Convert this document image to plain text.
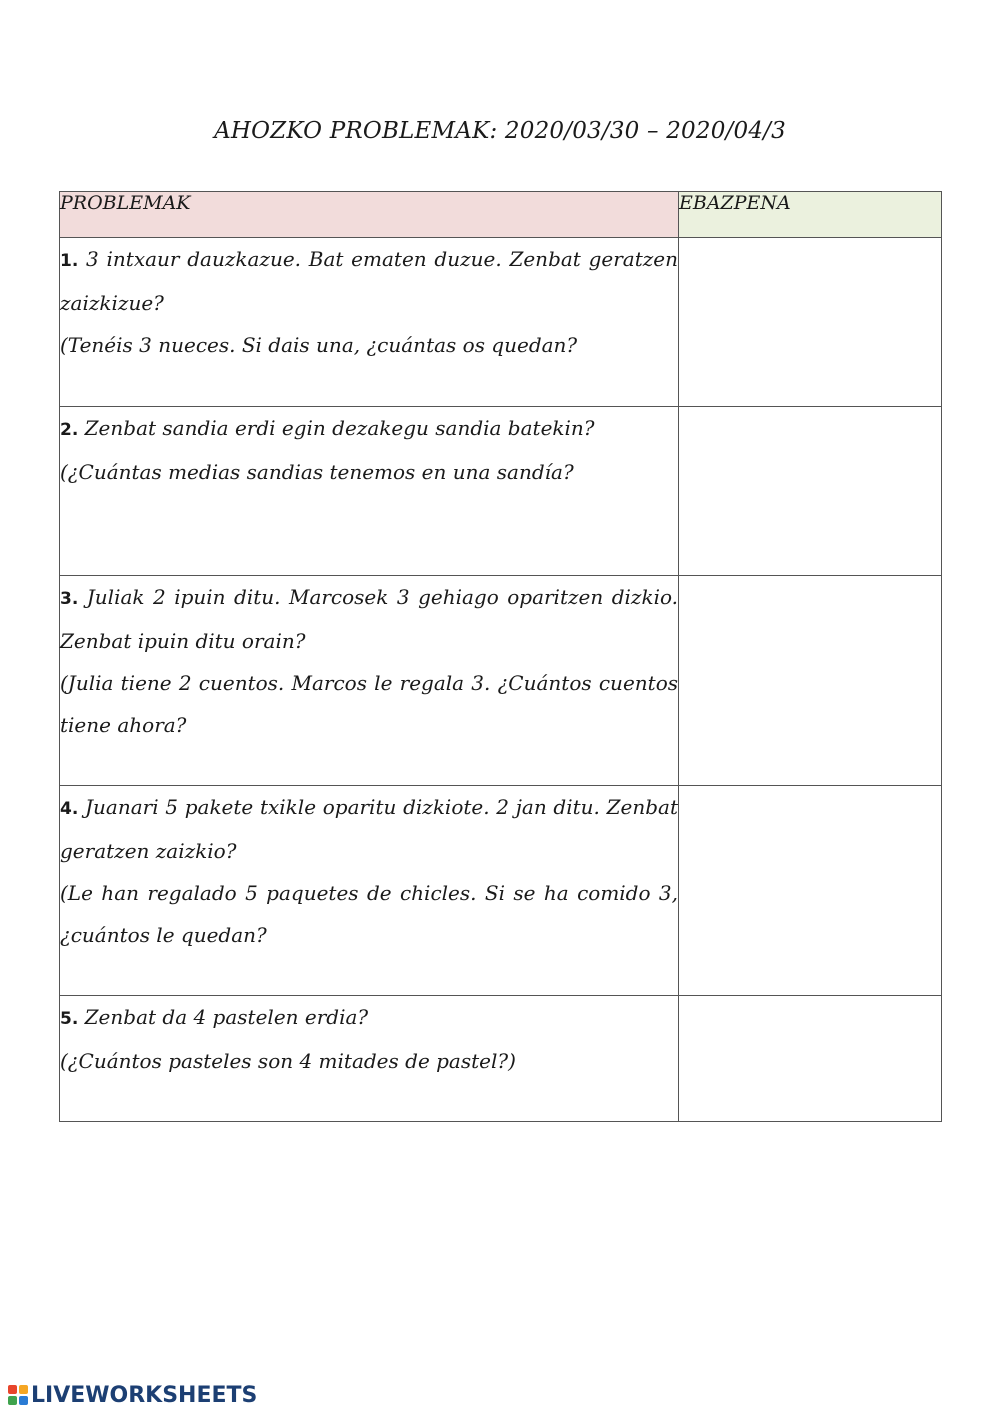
AHOZKO PROBLEMAK: 2020/03/30 – 2020/04/3
PROBLEMAK	EBAZPENA

1. 3 intxaur dauzkazue. Bat ematen duzue. Zenbat geratzen zaizkizue?

(Tenéis 3 nueces. Si dais una, ¿cuántas os quedan?	

2. Zenbat sandia erdi egin dezakegu sandia batekin?

(¿Cuántas medias sandias tenemos en una sandía?	

3. Juliak 2 ipuin ditu. Marcosek 3 gehiago oparitzen dizkio. Zenbat ipuin ditu orain?

(Julia tiene 2 cuentos. Marcos le regala 3. ¿Cuántos cuentos tiene ahora?	

4. Juanari 5 pakete txikle oparitu dizkiote. 2 jan ditu. Zenbat geratzen zaizkio?

(Le han regalado 5 paquetes de chicles. Si se ha comido 3, ¿cuántos le quedan?	

5. Zenbat da 4 pastelen erdia?

(¿Cuántos pasteles son 4 mitades de pastel?)	

LIVEWORKSHEETS
